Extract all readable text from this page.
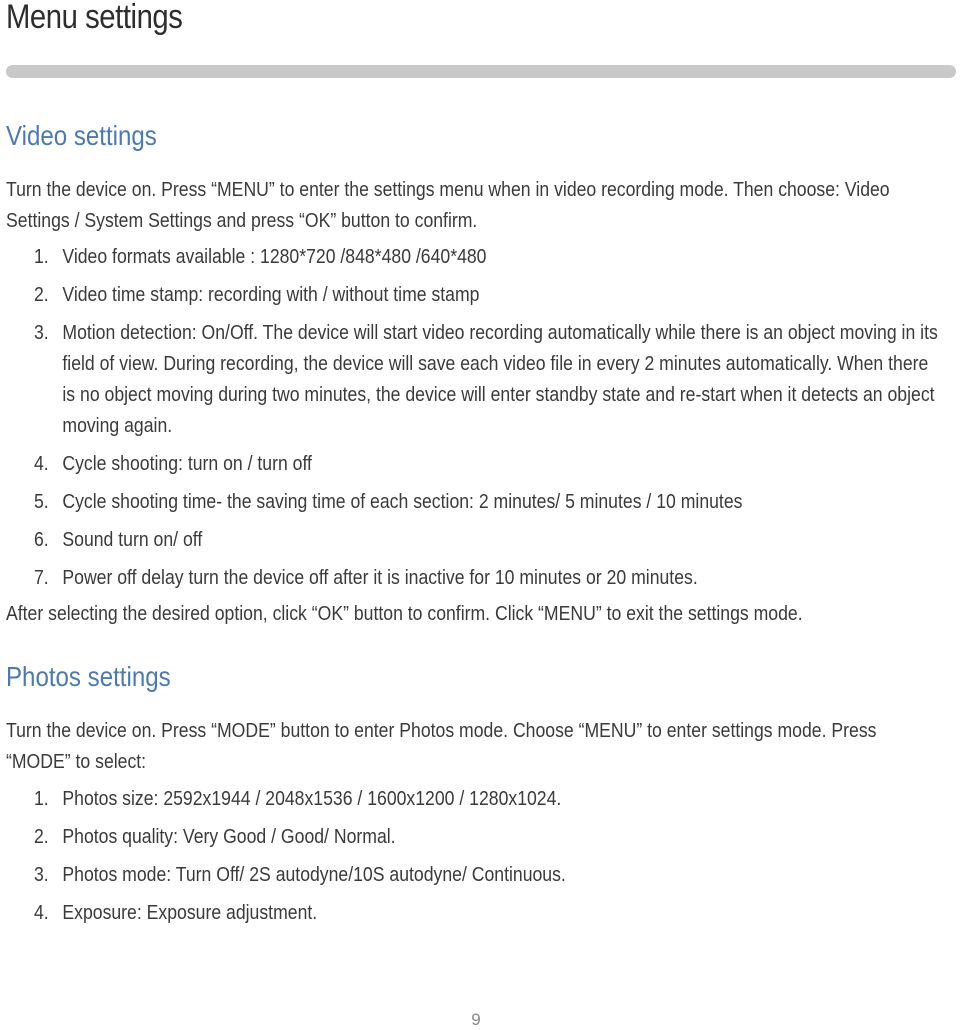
Menu settings
Video settings

Turn the device on. Press “MENU” to enter the settings menu when in video recording mode. Then choose: Video Settings / System Settings and press “OK” button to confirm.

1. Video formats available : 1280*720 /848*480 /640*480
2. Video time stamp: recording with / without time stamp
3. Motion detection: On/Off. The device will start video recording automatically while there is an object moving in its field of view. During recording, the device will save each video file in every 2 minutes automatically. When there is no object moving during two minutes, the device will enter standby state and re-start when it detects an object moving again.
4. Cycle shooting: turn on / turn off
5. Cycle shooting time- the saving time of each section: 2 minutes/ 5 minutes / 10 minutes
6. Sound turn on/ off
7. Power off delay turn the device off after it is inactive for 10 minutes or 20 minutes.

After selecting the desired option, click “OK” button to confirm. Click “MENU” to exit the settings mode.

Photos settings

Turn the device on. Press “MODE” button to enter Photos mode. Choose “MENU” to enter settings mode. Press “MODE” to select:

1. Photos size: 2592x1944 / 2048x1536 / 1600x1200 / 1280x1024.
2. Photos quality: Very Good / Good/ Normal.
3. Photos mode: Turn Off/ 2S autodyne/10S autodyne/ Continuous.
4. Exposure: Exposure adjustment.
9
